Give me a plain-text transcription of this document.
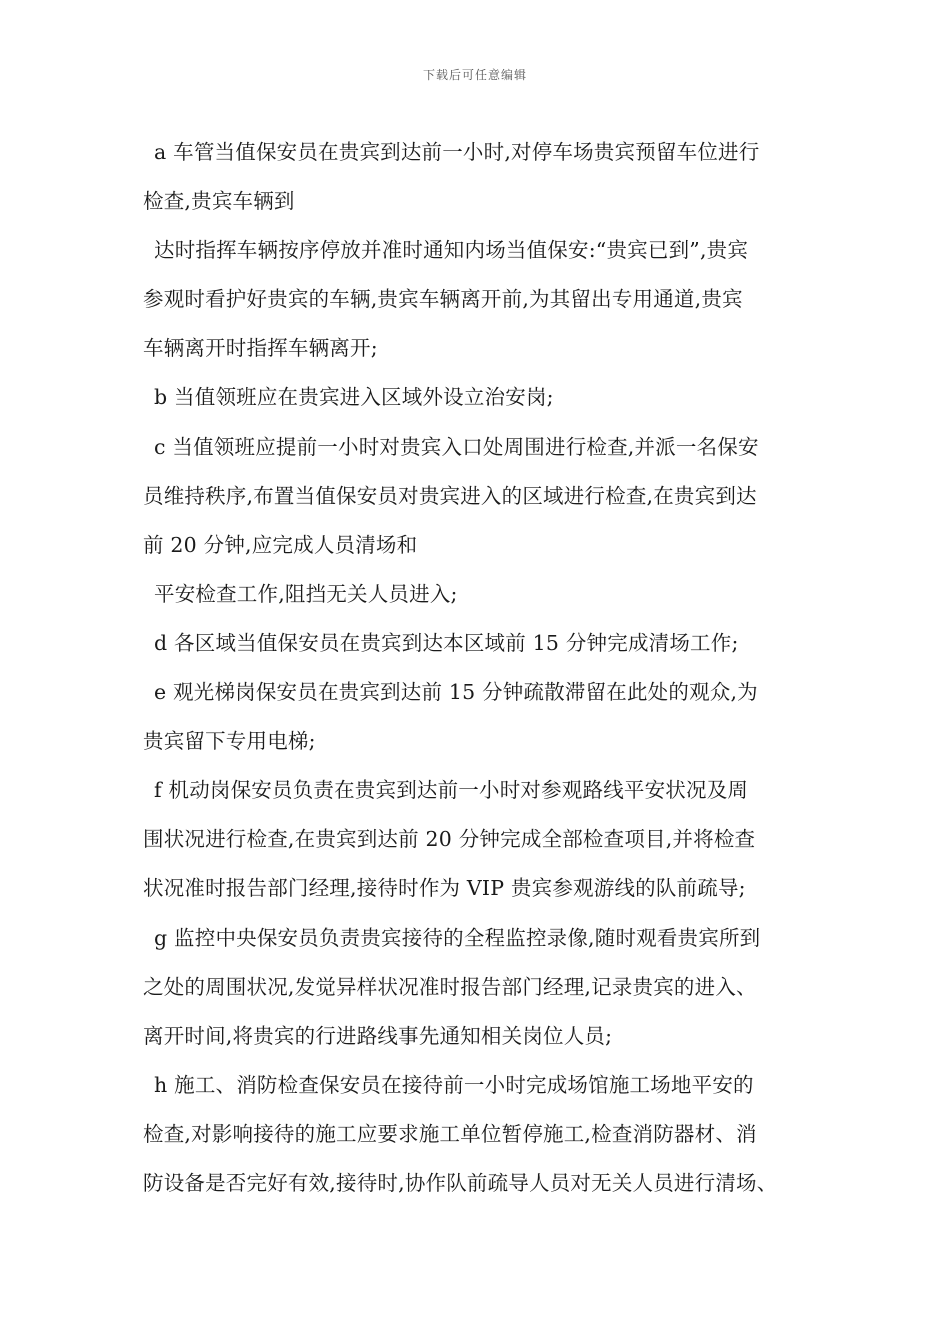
下载后可任意编辑
a 车管当值保安员在贵宾到达前一小时,对停车场贵宾预留车位进行
检查,贵宾车辆到
达时指挥车辆按序停放并准时通知内场当值保安:“贵宾已到”,贵宾
参观时看护好贵宾的车辆,贵宾车辆离开前,为其留出专用通道,贵宾
车辆离开时指挥车辆离开;
b 当值领班应在贵宾进入区域外设立治安岗;
c 当值领班应提前一小时对贵宾入口处周围进行检查,并派一名保安
员维持秩序,布置当值保安员对贵宾进入的区域进行检查,在贵宾到达
前 20 分钟,应完成人员清场和
平安检查工作,阻挡无关人员进入;
d 各区域当值保安员在贵宾到达本区域前 15 分钟完成清场工作;
e 观光梯岗保安员在贵宾到达前 15 分钟疏散滞留在此处的观众,为
贵宾留下专用电梯;
f 机动岗保安员负责在贵宾到达前一小时对参观路线平安状况及周
围状况进行检查,在贵宾到达前 20 分钟完成全部检查项目,并将检查
状况准时报告部门经理,接待时作为 VIP 贵宾参观游线的队前疏导;
g 监控中央保安员负责贵宾接待的全程监控录像,随时观看贵宾所到
之处的周围状况,发觉异样状况准时报告部门经理,记录贵宾的进入、
离开时间,将贵宾的行进路线事先通知相关岗位人员;
h 施工、消防检查保安员在接待前一小时完成场馆施工场地平安的
检查,对影响接待的施工应要求施工单位暂停施工,检查消防器材、消
防设备是否完好有效,接待时,协作队前疏导人员对无关人员进行清场、
